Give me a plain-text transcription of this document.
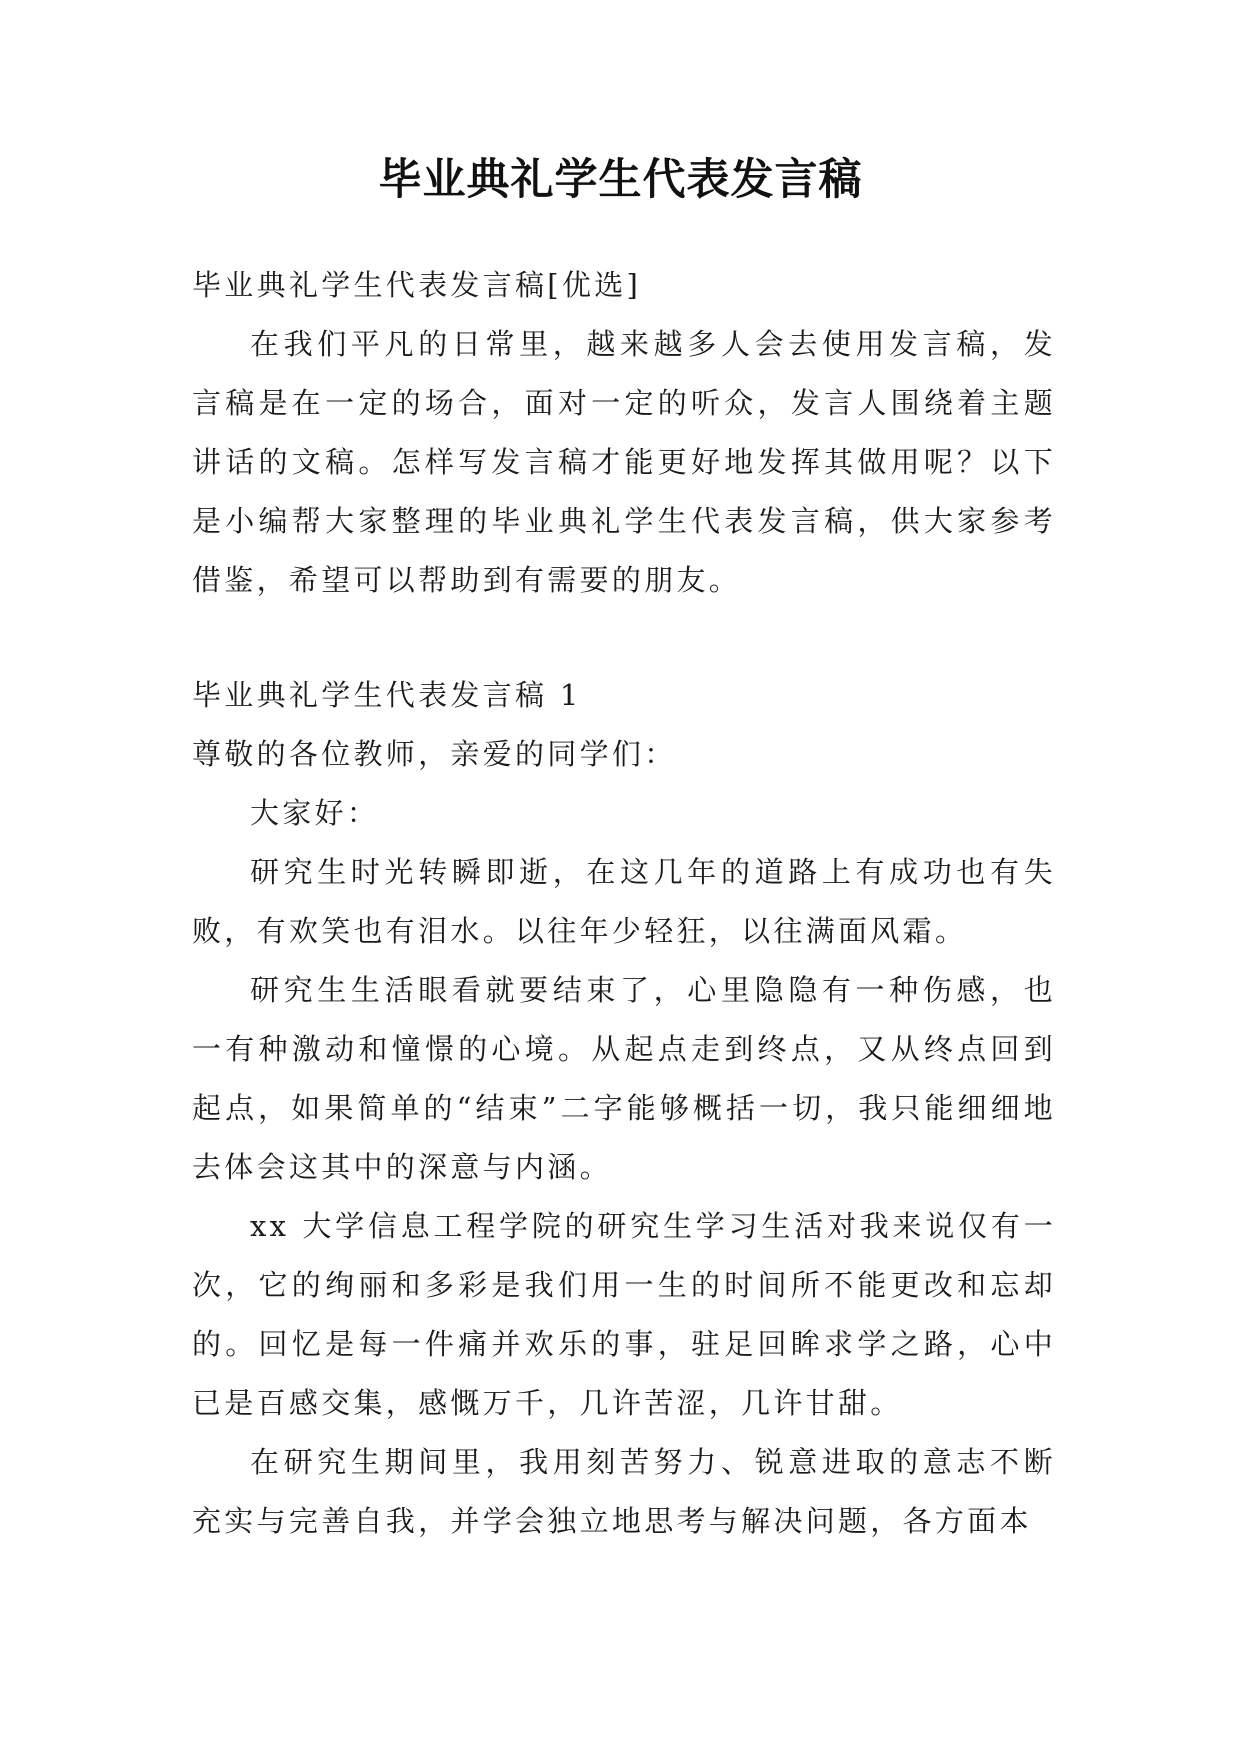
毕业典礼学生代表发言稿

毕业典礼学生代表发言稿[优选]

在我们平凡的日常里，越来越多人会去使用发言稿，发言稿是在一定的场合，面对一定的听众，发言人围绕着主题讲话的文稿。怎样写发言稿才能更好地发挥其做用呢？以下是小编帮大家整理的毕业典礼学生代表发言稿，供大家参考借鉴，希望可以帮助到有需要的朋友。

毕业典礼学生代表发言稿 1

尊敬的各位教师，亲爱的同学们：

大家好：

研究生时光转瞬即逝，在这几年的道路上有成功也有失败，有欢笑也有泪水。以往年少轻狂，以往满面风霜。

研究生生活眼看就要结束了，心里隐隐有一种伤感，也一有种激动和憧憬的心境。从起点走到终点，又从终点回到起点，如果简单的“结束”二字能够概括一切，我只能细细地去体会这其中的深意与内涵。

xx 大学信息工程学院的研究生学习生活对我来说仅有一次，它的绚丽和多彩是我们用一生的时间所不能更改和忘却的。回忆是每一件痛并欢乐的事，驻足回眸求学之路，心中已是百感交集，感慨万千，几许苦涩，几许甘甜。

在研究生期间里，我用刻苦努力、锐意进取的意志不断充实与完善自我，并学会独立地思考与解决问题，各方面本
